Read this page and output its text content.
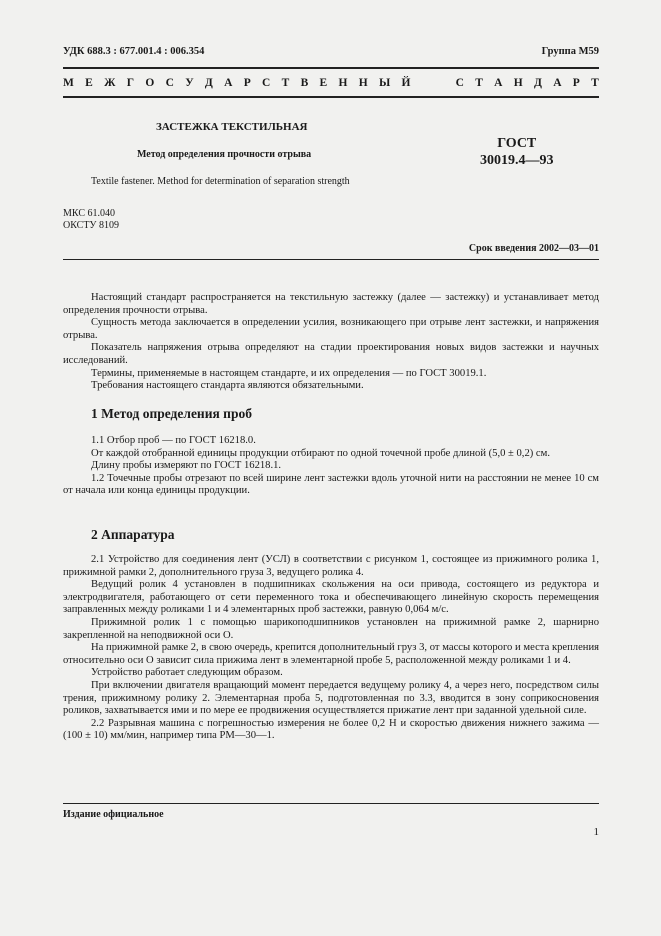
УДК 688.3 : 677.001.4 : 006.354	Группа М59
М Е Ж Г О С У Д А Р С Т В Е Н Н Ы Й	С Т А Н Д А Р Т
ЗАСТЕЖКА ТЕКСТИЛЬНАЯ
Метод определения прочности отрыва
ГОСТ
30019.4—93
Textile fastener. Method for determination of separation strength
МКС 61.040
ОКСТУ 8109
Срок введения 2002—03—01

Настоящий стандарт распространяется на текстильную застежку (далее — застежку) и устанавливает метод определения прочности отрыва.

Сущность метода заключается в определении усилия, возникающего при отрыве лент застежки, и напряжения отрыва.

Показатель напряжения отрыва определяют на стадии проектирования новых видов застежки и научных исследований.

Термины, применяемые в настоящем стандарте, и их определения — по ГОСТ 30019.1.

Требования настоящего стандарта являются обязательными.

1 Метод определения проб

1.1 Отбор проб — по ГОСТ 16218.0.

От каждой отобранной единицы продукции отбирают по одной точечной пробе длиной (5,0 ± 0,2) см.

Длину пробы измеряют по ГОСТ 16218.1.

1.2 Точечные пробы отрезают по всей ширине лент застежки вдоль уточной нити на расстоянии не менее 10 см от начала или конца единицы продукции.

2 Аппаратура

2.1 Устройство для соединения лент (УСЛ) в соответствии с рисунком 1, состоящее из прижимного ролика 1, прижимной рамки 2, дополнительного груза 3, ведущего ролика 4.

Ведущий ролик 4 установлен в подшипниках скольжения на оси привода, состоящего из редуктора и электродвигателя, работающего от сети переменного тока и обеспечивающего линейную скорость перемещения заправленных между роликами 1 и 4 элементарных проб застежки, равную 0,064 м/с.

Прижимной ролик 1 с помощью шарикоподшипников установлен на прижимной рамке 2, шарнирно закрепленной на неподвижной оси О.

На прижимной рамке 2, в свою очередь, крепится дополнительный груз 3, от массы которого и места крепления относительно оси О зависит сила прижима лент в элементарной пробе 5, расположенной между роликами 1 и 4.

Устройство работает следующим образом.

При включении двигателя вращающий момент передается ведущему ролику 4, а через него, посредством силы трения, прижимному ролику 2. Элементарная проба 5, подготовленная по 3.3, вводится в зону соприкосновения роликов, захватывается ими и по мере ее продвижения осуществляется прижатие лент при заданной удельной силе.

2.2 Разрывная машина с погрешностью измерения не более 0,2 Н и скоростью движения нижнего зажима — (100 ± 10) мм/мин, например типа РМ—30—1.

Издание официальное
1
